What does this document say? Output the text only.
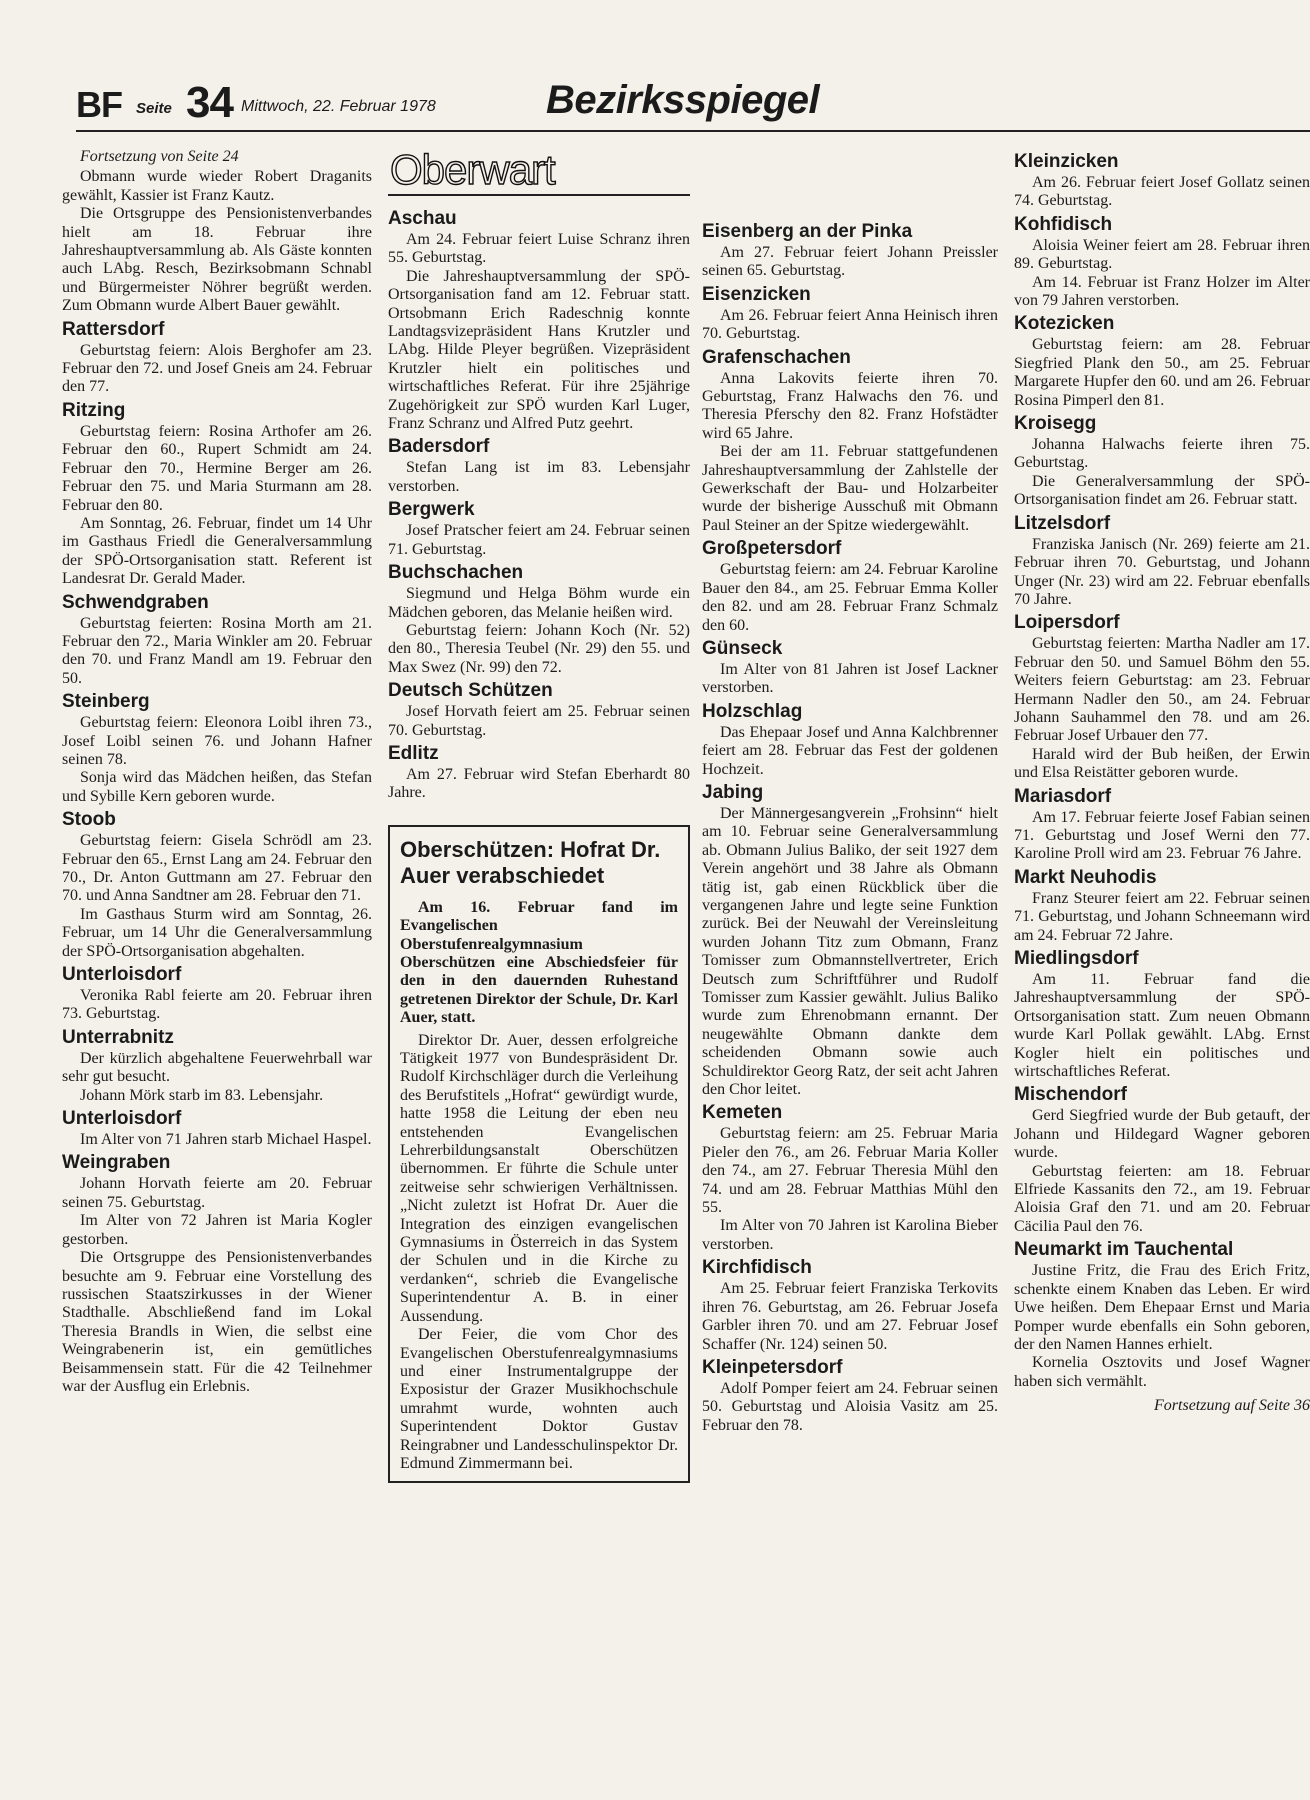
BF Seite 34 Mittwoch, 22. Februar 1978	Bezirksspiegel

Fortsetzung von Seite 24

Obmann wurde wieder Robert Draganits gewählt, Kassier ist Franz Kautz.

Die Ortsgruppe des Pensionistenverbandes hielt am 18. Februar ihre Jahreshauptversammlung ab. Als Gäste konnten auch LAbg. Resch, Bezirksobmann Schnabl und Bürgermeister Nöhrer begrüßt werden. Zum Obmann wurde Albert Bauer gewählt.

Rattersdorf

Geburtstag feiern: Alois Berghofer am 23. Februar den 72. und Josef Gneis am 24. Februar den 77.

Ritzing

Geburtstag feiern: Rosina Arthofer am 26. Februar den 60., Rupert Schmidt am 24. Februar den 70., Hermine Berger am 26. Februar den 75. und Maria Sturmann am 28. Februar den 80.

Am Sonntag, 26. Februar, findet um 14 Uhr im Gasthaus Friedl die Generalversammlung der SPÖ-Ortsorganisation statt. Referent ist Landesrat Dr. Gerald Mader.

Schwendgraben

Geburtstag feierten: Rosina Morth am 21. Februar den 72., Maria Winkler am 20. Februar den 70. und Franz Mandl am 19. Februar den 50.

Steinberg

Geburtstag feiern: Eleonora Loibl ihren 73., Josef Loibl seinen 76. und Johann Hafner seinen 78.

Sonja wird das Mädchen heißen, das Stefan und Sybille Kern geboren wurde.

Stoob

Geburtstag feiern: Gisela Schrödl am 23. Februar den 65., Ernst Lang am 24. Februar den 70., Dr. Anton Guttmann am 27. Februar den 70. und Anna Sandtner am 28. Februar den 71.

Im Gasthaus Sturm wird am Sonntag, 26. Februar, um 14 Uhr die Generalversammlung der SPÖ-Ortsorganisation abgehalten.

Unterloisdorf

Veronika Rabl feierte am 20. Februar ihren 73. Geburtstag.

Unterrabnitz

Der kürzlich abgehaltene Feuerwehrball war sehr gut besucht.

Johann Mörk starb im 83. Lebensjahr.

Unterloisdorf

Im Alter von 71 Jahren starb Michael Haspel.

Weingraben

Johann Horvath feierte am 20. Februar seinen 75. Geburtstag.

Im Alter von 72 Jahren ist Maria Kogler gestorben.

Die Ortsgruppe des Pensionistenverbandes besuchte am 9. Februar eine Vorstellung des russischen Staatszirkusses in der Wiener Stadthalle. Abschließend fand im Lokal Theresia Brandls in Wien, die selbst eine Weingrabenerin ist, ein gemütliches Beisammensein statt. Für die 42 Teilnehmer war der Ausflug ein Erlebnis.

Oberwart
Aschau

Am 24. Februar feiert Luise Schranz ihren 55. Geburtstag.

Die Jahreshauptversammlung der SPÖ-Ortsorganisation fand am 12. Februar statt. Ortsobmann Erich Radeschnig konnte Landtagsvizepräsident Hans Krutzler und LAbg. Hilde Pleyer begrüßen. Vizepräsident Krutzler hielt ein politisches und wirtschaftliches Referat. Für ihre 25jährige Zugehörigkeit zur SPÖ wurden Karl Luger, Franz Schranz und Alfred Putz geehrt.

Badersdorf

Stefan Lang ist im 83. Lebensjahr verstorben.

Bergwerk

Josef Pratscher feiert am 24. Februar seinen 71. Geburtstag.

Buchschachen

Siegmund und Helga Böhm wurde ein Mädchen geboren, das Melanie heißen wird.

Geburtstag feiern: Johann Koch (Nr. 52) den 80., Theresia Teubel (Nr. 29) den 55. und Max Swez (Nr. 99) den 72.

Deutsch Schützen

Josef Horvath feiert am 25. Februar seinen 70. Geburtstag.

Edlitz

Am 27. Februar wird Stefan Eberhardt 80 Jahre.

Oberschützen: Hofrat Dr. Auer verabschiedet

Am 16. Februar fand im Evangelischen Oberstufenrealgymnasium Oberschützen eine Abschiedsfeier für den in den dauernden Ruhestand getretenen Direktor der Schule, Dr. Karl Auer, statt.

Direktor Dr. Auer, dessen erfolgreiche Tätigkeit 1977 von Bundespräsident Dr. Rudolf Kirchschläger durch die Verleihung des Berufstitels „Hofrat“ gewürdigt wurde, hatte 1958 die Leitung der eben neu entstehenden Evangelischen Lehrerbildungsanstalt Oberschützen übernommen. Er führte die Schule unter zeitweise sehr schwierigen Verhältnissen. „Nicht zuletzt ist Hofrat Dr. Auer die Integration des einzigen evangelischen Gymnasiums in Österreich in das System der Schulen und in die Kirche zu verdanken“, schrieb die Evangelische Superintendentur A. B. in einer Aussendung.

Der Feier, die vom Chor des Evangelischen Oberstufenrealgymnasiums und einer Instrumentalgruppe der Exposistur der Grazer Musikhochschule umrahmt wurde, wohnten auch Superintendent Doktor Gustav Reingrabner und Landesschulinspektor Dr. Edmund Zimmermann bei.

Eisenberg an der Pinka

Am 27. Februar feiert Johann Preissler seinen 65. Geburtstag.

Eisenzicken

Am 26. Februar feiert Anna Heinisch ihren 70. Geburtstag.

Grafenschachen

Anna Lakovits feierte ihren 70. Geburtstag, Franz Halwachs den 76. und Theresia Pferschy den 82. Franz Hofstädter wird 65 Jahre.

Bei der am 11. Februar stattgefundenen Jahreshauptversammlung der Zahlstelle der Gewerkschaft der Bau- und Holzarbeiter wurde der bisherige Ausschuß mit Obmann Paul Steiner an der Spitze wiedergewählt.

Großpetersdorf

Geburtstag feiern: am 24. Februar Karoline Bauer den 84., am 25. Februar Emma Koller den 82. und am 28. Februar Franz Schmalz den 60.

Günseck

Im Alter von 81 Jahren ist Josef Lackner verstorben.

Holzschlag

Das Ehepaar Josef und Anna Kalchbrenner feiert am 28. Februar das Fest der goldenen Hochzeit.

Jabing

Der Männergesangverein „Frohsinn“ hielt am 10. Februar seine Generalversammlung ab. Obmann Julius Baliko, der seit 1927 dem Verein angehört und 38 Jahre als Obmann tätig ist, gab einen Rückblick über die vergangenen Jahre und legte seine Funktion zurück. Bei der Neuwahl der Vereinsleitung wurden Johann Titz zum Obmann, Franz Tomisser zum Obmannstellvertreter, Erich Deutsch zum Schriftführer und Rudolf Tomisser zum Kassier gewählt. Julius Baliko wurde zum Ehrenobmann ernannt. Der neugewählte Obmann dankte dem scheidenden Obmann sowie auch Schuldirektor Georg Ratz, der seit acht Jahren den Chor leitet.

Kemeten

Geburtstag feiern: am 25. Februar Maria Pieler den 76., am 26. Februar Maria Koller den 74., am 27. Februar Theresia Mühl den 74. und am 28. Februar Matthias Mühl den 55.

Im Alter von 70 Jahren ist Karolina Bieber verstorben.

Kirchfidisch

Am 25. Februar feiert Franziska Terkovits ihren 76. Geburtstag, am 26. Februar Josefa Garbler ihren 70. und am 27. Februar Josef Schaffer (Nr. 124) seinen 50.

Kleinpetersdorf

Adolf Pomper feiert am 24. Februar seinen 50. Geburtstag und Aloisia Vasitz am 25. Februar den 78.

Kleinzicken

Am 26. Februar feiert Josef Gollatz seinen 74. Geburtstag.

Kohfidisch

Aloisia Weiner feiert am 28. Februar ihren 89. Geburtstag.

Am 14. Februar ist Franz Holzer im Alter von 79 Jahren verstorben.

Kotezicken

Geburtstag feiern: am 28. Februar Siegfried Plank den 50., am 25. Februar Margarete Hupfer den 60. und am 26. Februar Rosina Pimperl den 81.

Kroisegg

Johanna Halwachs feierte ihren 75. Geburtstag.

Die Generalversammlung der SPÖ-Ortsorganisation findet am 26. Februar statt.

Litzelsdorf

Franziska Janisch (Nr. 269) feierte am 21. Februar ihren 70. Geburtstag, und Johann Unger (Nr. 23) wird am 22. Februar ebenfalls 70 Jahre.

Loipersdorf

Geburtstag feierten: Martha Nadler am 17. Februar den 50. und Samuel Böhm den 55. Weiters feiern Geburtstag: am 23. Februar Hermann Nadler den 50., am 24. Februar Johann Sauhammel den 78. und am 26. Februar Josef Urbauer den 77.

Harald wird der Bub heißen, der Erwin und Elsa Reistätter geboren wurde.

Mariasdorf

Am 17. Februar feierte Josef Fabian seinen 71. Geburtstag und Josef Werni den 77. Karoline Proll wird am 23. Februar 76 Jahre.

Markt Neuhodis

Franz Steurer feiert am 22. Februar seinen 71. Geburtstag, und Johann Schneemann wird am 24. Februar 72 Jahre.

Miedlingsdorf

Am 11. Februar fand die Jahreshauptversammlung der SPÖ-Ortsorganisation statt. Zum neuen Obmann wurde Karl Pollak gewählt. LAbg. Ernst Kogler hielt ein politisches und wirtschaftliches Referat.

Mischendorf

Gerd Siegfried wurde der Bub getauft, der Johann und Hildegard Wagner geboren wurde.

Geburtstag feierten: am 18. Februar Elfriede Kassanits den 72., am 19. Februar Aloisia Graf den 71. und am 20. Februar Cäcilia Paul den 76.

Neumarkt im Tauchental

Justine Fritz, die Frau des Erich Fritz, schenkte einem Knaben das Leben. Er wird Uwe heißen. Dem Ehepaar Ernst und Maria Pomper wurde ebenfalls ein Sohn geboren, der den Namen Hannes erhielt.

Kornelia Osztovits und Josef Wagner haben sich vermählt.

Fortsetzung auf Seite 36
